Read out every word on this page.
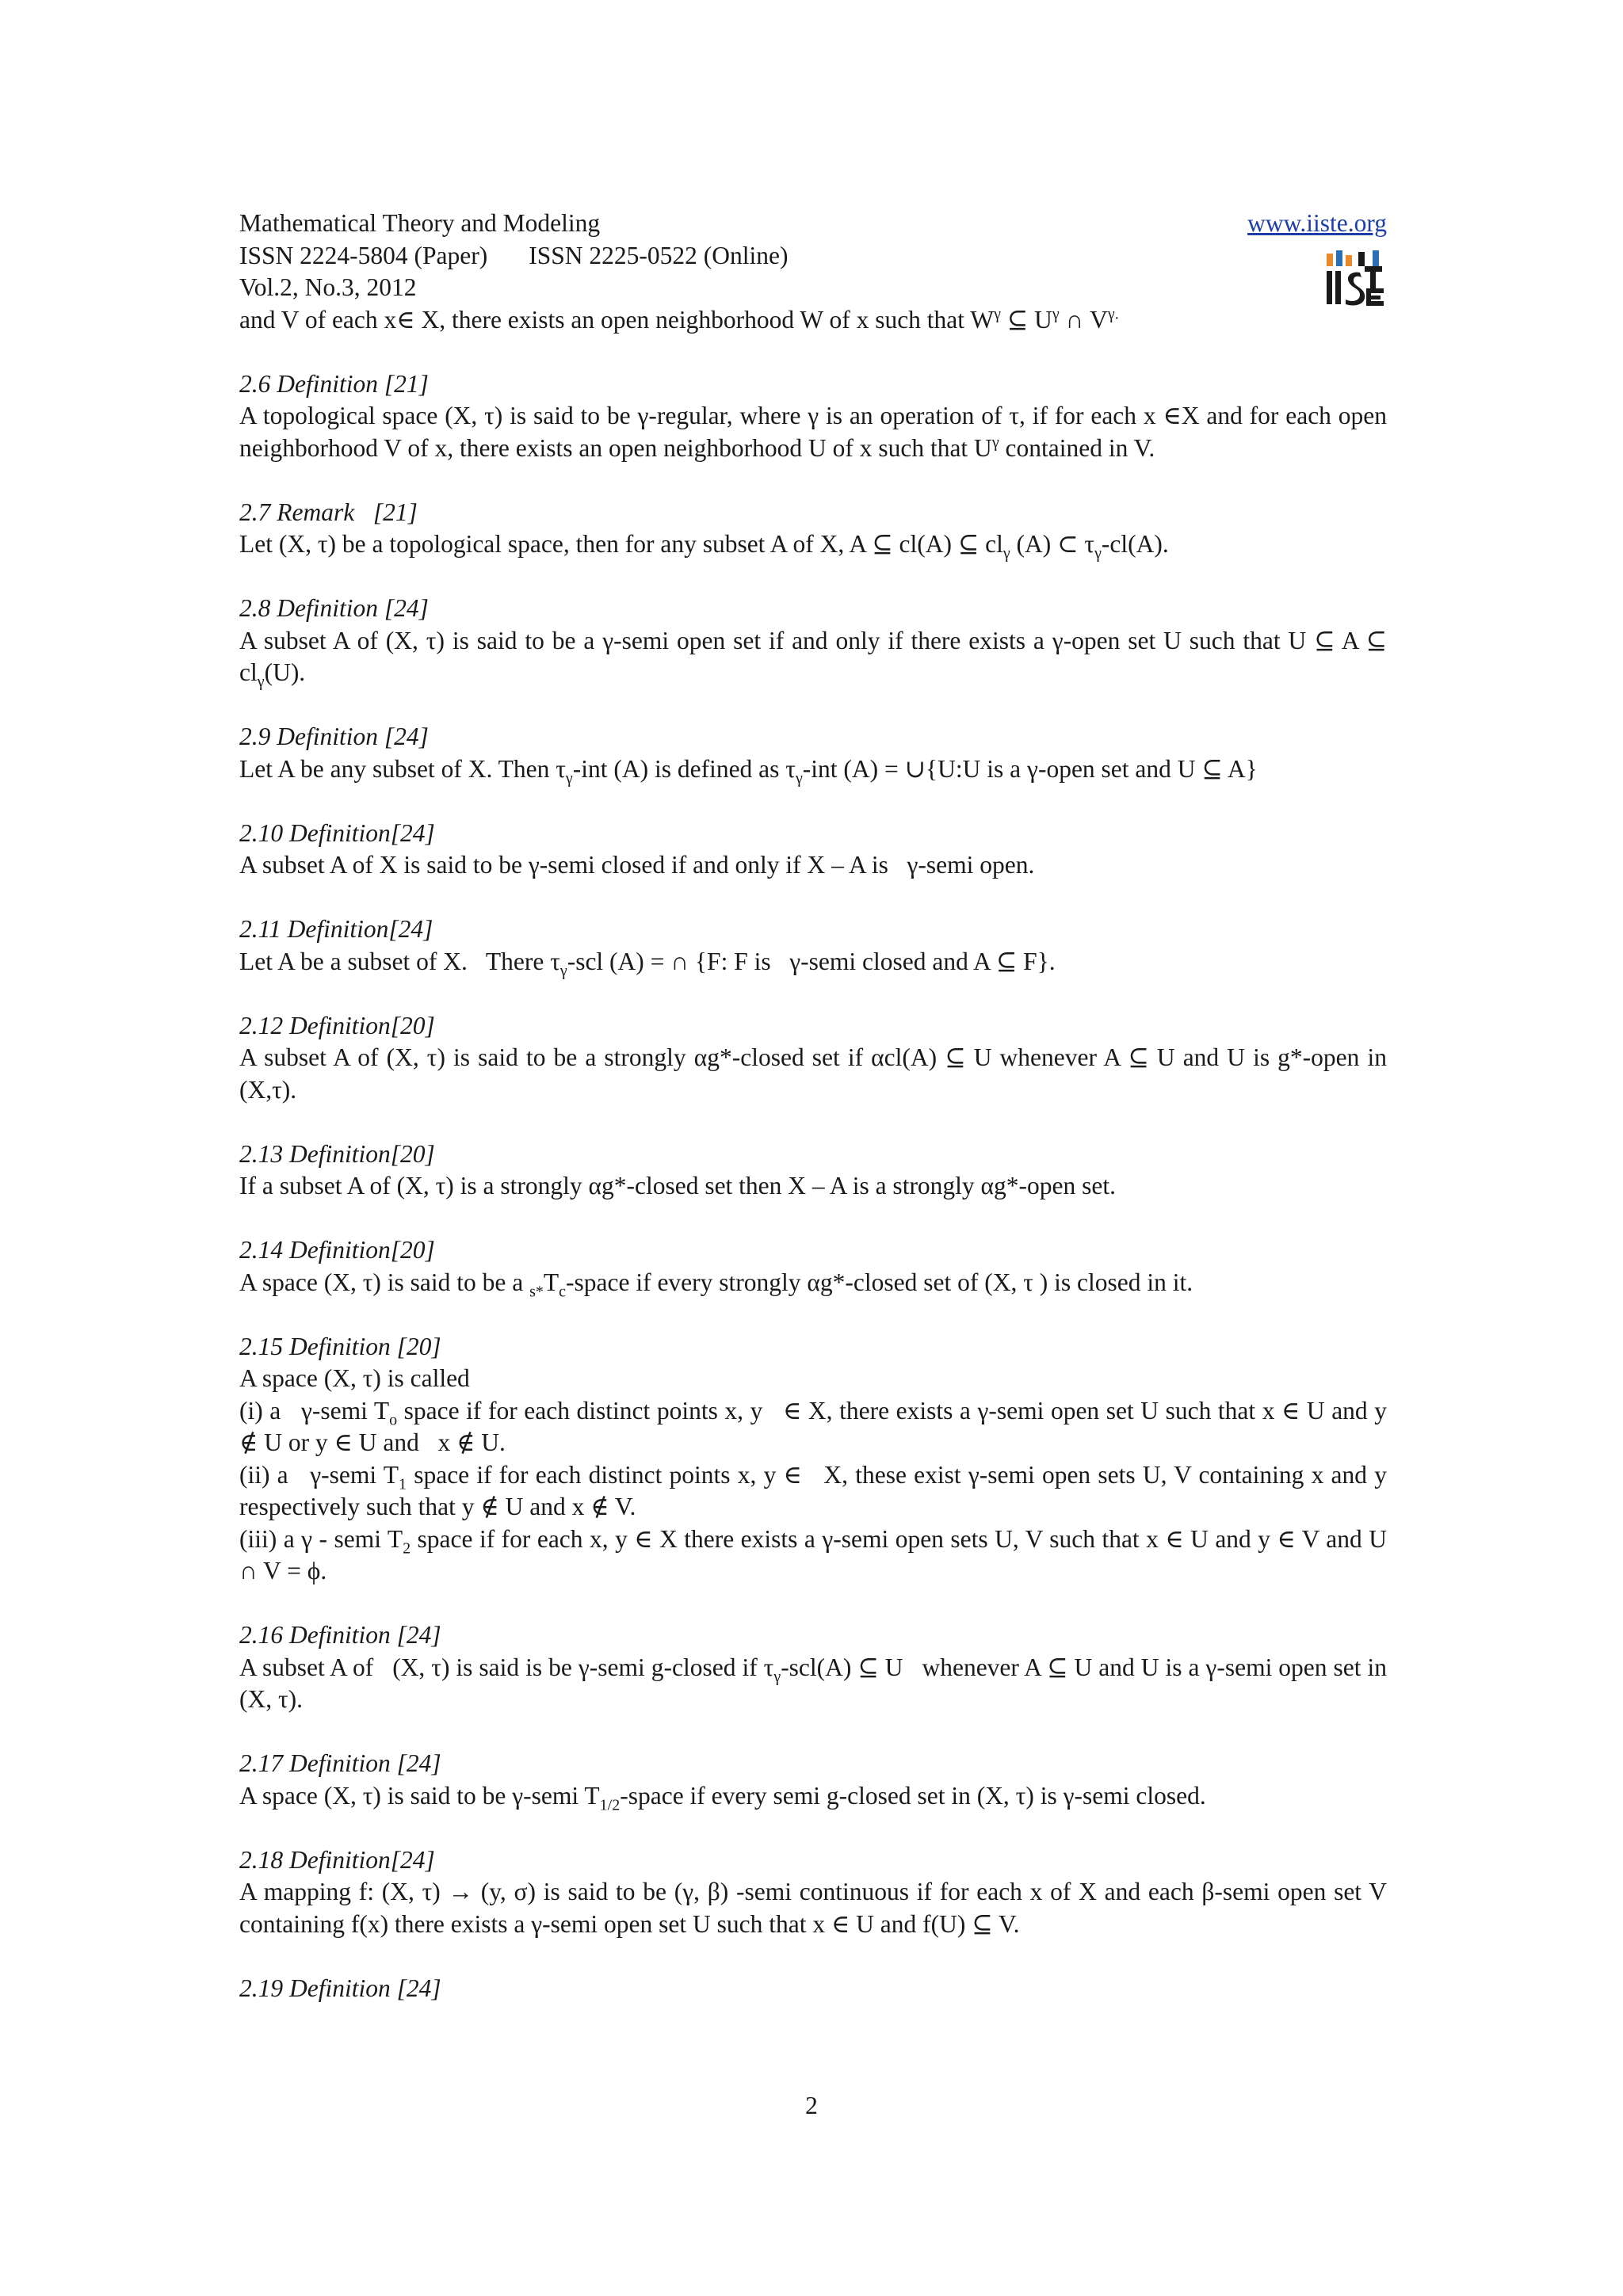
Mathematical Theory and Modeling	www.iiste.org
ISSN 2224-5804 (Paper) ISSN 2225-0522 (Online)
Vol.2, No.3, 2012
and V of each x∈ X, there exists an open neighborhood W of x such that $W^\gamma$ ⊆ $U^\gamma$ ∩ $V^{\gamma.}$
2.6 Definition [21]
A topological space (X, τ) is said to be γ-regular, where γ is an operation of τ, if for each x ∈X and for each open neighborhood V of x, there exists an open neighborhood U of x such that $U^\gamma$ contained in V.
2.7 Remark   [21]
Let (X, τ) be a topological space, then for any subset A of X, A ⊆ cl(A) ⊆ $cl_\gamma$ (A) ⊂ $\tau_\gamma-cl(A)$.
2.8 Definition [24]
A subset A of (X, τ) is said to be a γ-semi open set if and only if there exists a γ-open set U such that U ⊆ A ⊆ $cl_\gamma(U)$.
2.9 Definition [24]
Let A be any subset of X. Then $\tau_\gamma$-int (A) is defined as $\tau_\gamma$-int (A) = ∪{U:U is a γ-open set and U ⊆ A}
2.10 Definition[24]
A subset A of X is said to be γ-semi closed if and only if X – A is   γ-semi open.
2.11 Definition[24]
Let A be a subset of X.   There $\tau_\gamma$-scl (A) = ∩ {F: F is   γ-semi closed and A ⊆ F}.
2.12 Definition[20]
A subset A of (X, τ) is said to be a strongly αg*-closed set if αcl(A) ⊆ U whenever A ⊆ U and U is g*-open in (X,τ).
2.13 Definition[20]
If a subset A of (X, τ) is a strongly αg*-closed set then X – A is a strongly αg*-open set.
2.14 Definition[20]
A space (X, τ) is said to be a $_{s*}T_c$-space if every strongly αg*-closed set of (X, τ ) is closed in it.
2.15 Definition [20]
A space (X, τ) is called
(i) a   γ-semi $T_o$ space if for each distinct points x, y   ∈ X, there exists a γ-semi open set U such that x ∈ U and y ∉ U or y ∈ U and   x ∉ U.
(ii) a   γ-semi $T_1$ space if for each distinct points x, y ∈   X, these exist γ-semi open sets U, V containing x and y respectively such that y ∉ U and x ∉ V.
(iii) a γ - semi $T_2$ space if for each x, y ∈ X there exists a γ-semi open sets U, V such that x ∈ U and y ∈ V and U ∩ V = ϕ.
2.16 Definition [24]
A subset A of   (X, τ) is said is be γ-semi g-closed if $\tau_\gamma-scl(A)$ ⊆ U   whenever A ⊆ U and U is a γ-semi open set in (X, τ).
2.17 Definition [24]
A space (X, τ) is said to be γ-semi $T_{1/2}$-space if every semi g-closed set in (X, τ) is γ-semi closed.
2.18 Definition[24]
A mapping f: (X, τ) → (y, σ) is said to be (γ, β) -semi continuous if for each x of X and each β-semi open set V containing f(x) there exists a γ-semi open set U such that x ∈ U and f(U) ⊆ V.
2.19 Definition [24]
2
